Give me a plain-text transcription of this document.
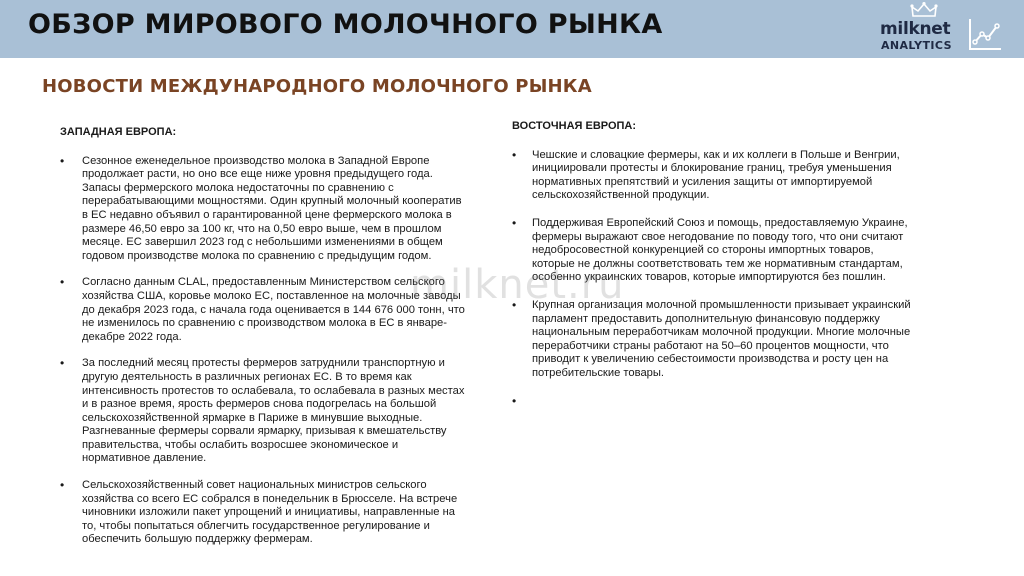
ОБЗОР МИРОВОГО МОЛОЧНОГО РЫНКА	milknet
ANALYTICS
НОВОСТИ МЕЖДУНАРОДНОГО МОЛОЧНОГО РЫНКА
ЗАПАДНАЯ ЕВРОПА:
• Сезонное еженедельное производство молока в Западной Европе продолжает расти, но оно все еще ниже уровня предыдущего года. Запасы фермерского молока недостаточны по сравнению с перерабатывающими мощностями. Один крупный молочный кооператив в ЕС недавно объявил о гарантированной цене фермерского молока в размере 46,50 евро за 100 кг, что на 0,50 евро выше, чем в прошлом месяце. ЕС завершил 2023 год с небольшими изменениями в общем годовом производстве молока по сравнению с предыдущим годом.
• Согласно данным CLAL, предоставленным Министерством сельского хозяйства США, коровье молоко ЕС, поставленное на молочные заводы до декабря 2023 года, с начала года оценивается в 144 676 000 тонн, что не изменилось по сравнению с производством молока в ЕС в январе-декабре 2022 года.
• За последний месяц протесты фермеров затруднили транспортную и другую деятельность в различных регионах ЕС. В то время как интенсивность протестов то ослабевала, то ослабевала в разных местах и в разное время, ярость фермеров снова подогрелась на большой сельскохозяйственной ярмарке в Париже в минувшие выходные. Разгневанные фермеры сорвали ярмарку, призывая к вмешательству правительства, чтобы ослабить возросшее экономическое и нормативное давление.
• Сельскохозяйственный совет национальных министров сельского хозяйства со всего ЕС собрался в понедельник в Брюсселе. На встрече чиновники изложили пакет упрощений и инициативы, направленные на то, чтобы попытаться облегчить государственное регулирование и обеспечить большую поддержку фермерам.
ВОСТОЧНАЯ ЕВРОПА:
• Чешские и словацкие фермеры, как и их коллеги в Польше и Венгрии, инициировали протесты и блокирование границ, требуя уменьшения нормативных препятствий и усиления защиты от импортируемой сельскохозяйственной продукции.
• Поддерживая Европейский Союз и помощь, предоставляемую Украине, фермеры выражают свое негодование по поводу того, что они считают недобросовестной конкуренцией со стороны импортных товаров, которые не должны соответствовать тем же нормативным стандартам, особенно украинских товаров, которые импортируются без пошлин.
• Крупная организация молочной промышленности призывает украинский парламент предоставить дополнительную финансовую поддержку национальным переработчикам молочной продукции. Многие молочные переработчики страны работают на 50–60 процентов мощности, что приводит к увеличению себестоимости производства и росту цен на потребительские товары.
milknet.ru
